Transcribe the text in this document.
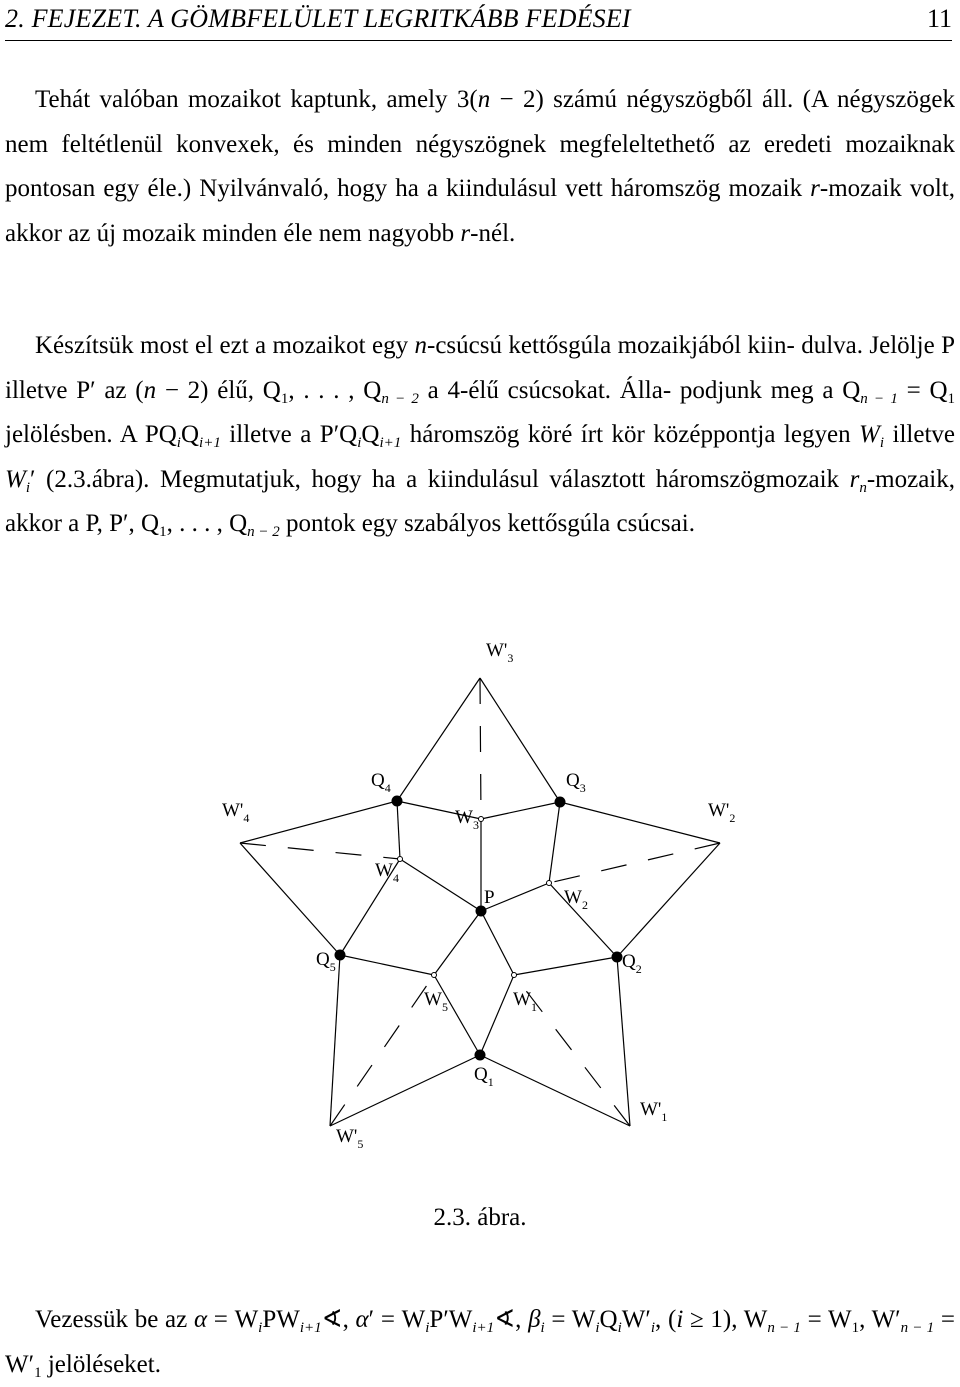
2. FEJEZET. A GÖMBFELÜLET LEGRITKÁBB FEDÉSEI	11

Tehát valóban mozaikot kaptunk, amely 3(n − 2) számú négyszögből áll. (A négyszögek nem feltétlenül konvexek, és minden négyszögnek megfeleltethető az eredeti mozaiknak pontosan egy éle.) Nyilvánvaló, hogy ha a kiindulásul vett háromszög mozaik r-mozaik volt, akkor az új mozaik minden éle nem nagyobb r-nél.

Készítsük most el ezt a mozaikot egy n-csúcsú kettősgúla mozaikjából kiin- dulva. Jelölje P illetve P′ az (n − 2) élű, $Q_1$, . . . , $Q_{n - 2}$ a 4-élű csúcsokat. Álla- podjunk meg a $Q_{n - 1} = Q_1$ jelölésben. A $PQ_iQ_{i+1}$ illetve a $P'Q_iQ_{i+1}$ háromszög köré írt kör középpontja legyen $W_i$ illetve $W_i'$ (2.3.ábra). Megmutatjuk, hogy ha a kiindulásul választott háromszögmozaik $r_n$-mozaik, akkor a P, P′, $Q_1$, . . . , $Q_{n - 2}$ pontok egy szabályos kettősgúla csúcsai.

$W'_3$
$Q_4$	$Q_3$
$W'_4$	$W_3$
$W'_2$
$W_4$
P	$W_2$
$Q_5$	$Q_2$
$W_5$	$W_1$
$Q_1$
$W'_1$
$W'_5$
2.3. ábra.

Vezessük be az $\alpha = W_iPW_{i+1}∢$, $\alpha' = W_iP'W_{i+1}∢$, $\beta_i = W_iQ_iW'_i$, (i ≥ 1), $W_{n - 1} = W_1$, $W'_{n - 1} = W'_1$ jelöléseket.
